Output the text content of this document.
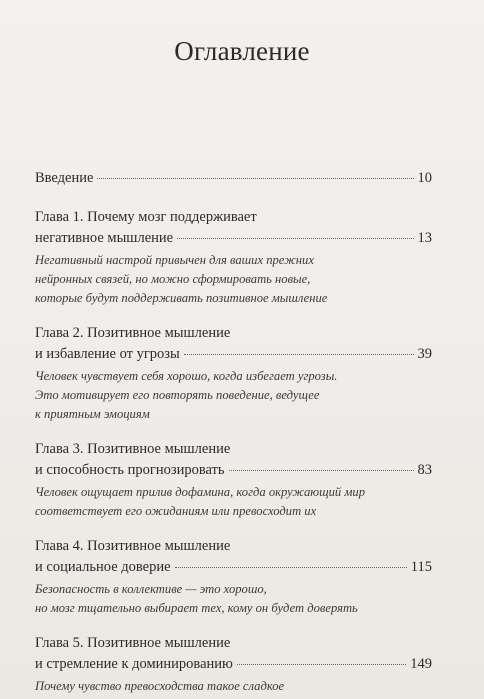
Оглавление
Введение	10
Глава 1. Почему мозг поддерживает
негативное мышление	13
Негативный настрой привычен для ваших прежних
нейронных связей, но можно сформировать новые,
которые будут поддерживать позитивное мышление
Глава 2. Позитивное мышление
и избавление от угрозы	39
Человек чувствует себя хорошо, когда избегает угрозы.
Это мотивирует его повторять поведение, ведущее
к приятным эмоциям
Глава 3. Позитивное мышление
и способность прогнозировать	83
Человек ощущает прилив дофамина, когда окружающий мир
соответствует его ожиданиям или превосходит их
Глава 4. Позитивное мышление
и социальное доверие	115
Безопасность в коллективе — это хорошо,
но мозг тщательно выбирает тех, кому он будет доверять
Глава 5. Позитивное мышление
и стремление к доминированию	149
Почему чувство превосходства такое сладкое
